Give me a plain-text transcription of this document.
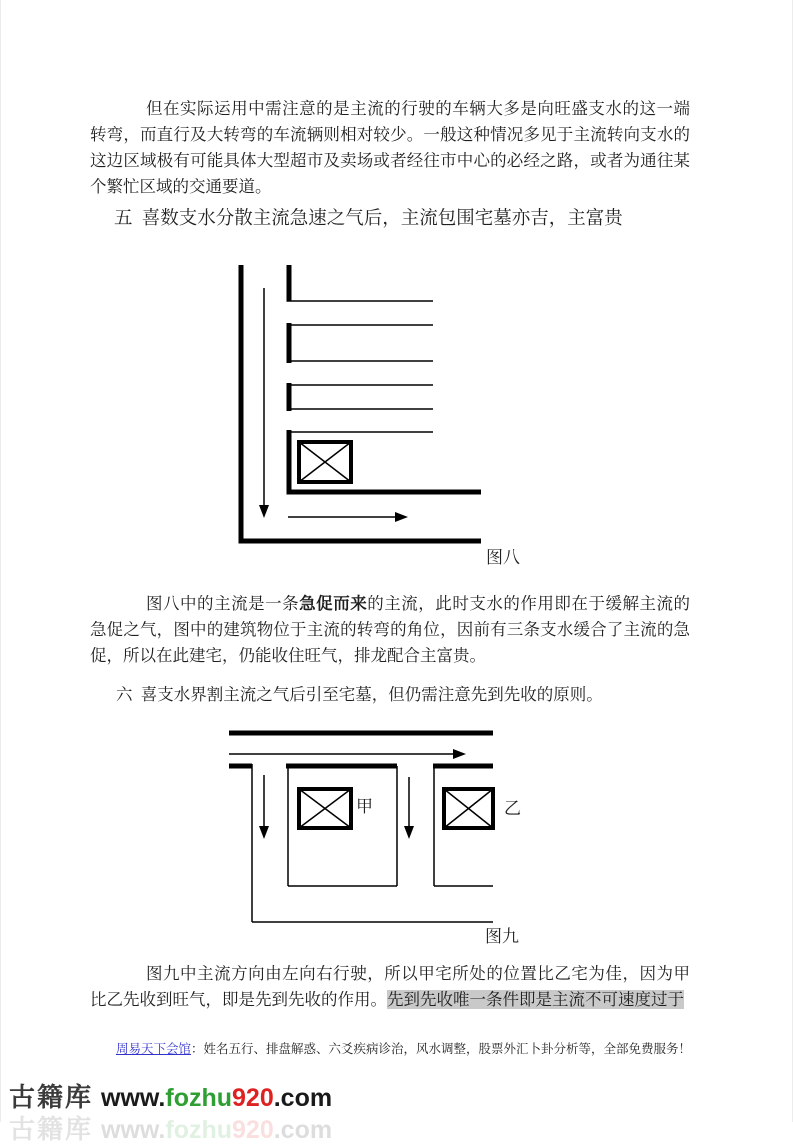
但在实际运用中需注意的是主流的行驶的车辆大多是向旺盛支水的这一端转弯，而直行及大转弯的车流辆则相对较少。一般这种情况多见于主流转向支水的这边区域极有可能具体大型超市及卖场或者经往市中心的必经之路，或者为通往某个繁忙区域的交通要道。

五  喜数支水分散主流急速之气后，主流包围宅墓亦吉，主富贵
图八

图八中的主流是一条急促而来的主流，此时支水的作用即在于缓解主流的急促之气，图中的建筑物位于主流的转弯的角位，因前有三条支水缓合了主流的急促，所以在此建宅，仍能收住旺气，排龙配合主富贵。

六  喜支水界割主流之气后引至宅墓，但仍需注意先到先收的原则。
甲	乙
图九

图九中主流方向由左向右行驶，所以甲宅所处的位置比乙宅为佳，因为甲比乙先收到旺气，即是先到先收的作用。先到先收唯一条件即是主流不可速度过于

周易天下会馆：姓名五行、排盘解惑、六爻疾病诊治，风水调整，股票外汇卜卦分析等，全部免费服务！
古籍库 www.fozhu920.com
古籍库 www.fozhu920.com
